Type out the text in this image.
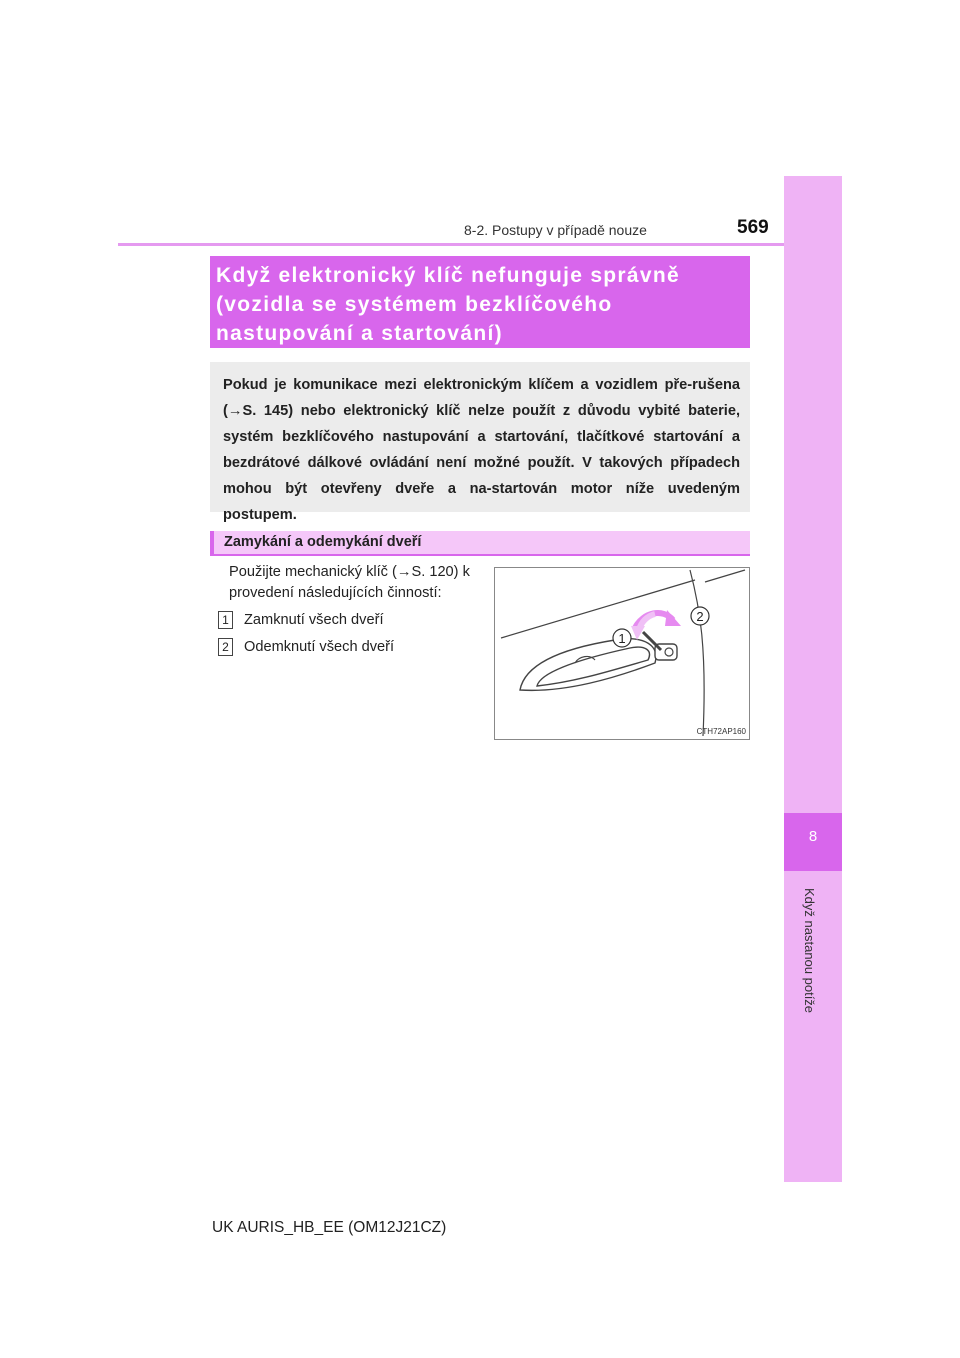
8
Když nastanou potíže
8-2. Postupy v případě nouze	569
Když elektronický klíč nefunguje správně (vozidla se systémem bezklíčového nastupování a startování)
Pokud je komunikace mezi elektronickým klíčem a vozidlem pře-rušena (→S. 145) nebo elektronický klíč nelze použít z důvodu vybité baterie, systém bezklíčového nastupování a startování, tlačítkové startování a bezdrátové dálkové ovládání není možné použít. V takových případech mohou být otevřeny dveře a na-startován motor níže uvedeným postupem.
Zamykání a odemykání dveří
Použijte mechanický klíč (→S. 120) k provedení následujících činností:
1 Zamknutí všech dveří
2 Odemknutí všech dveří
1
2
CTH72AP160
UK AURIS_HB_EE (OM12J21CZ)
